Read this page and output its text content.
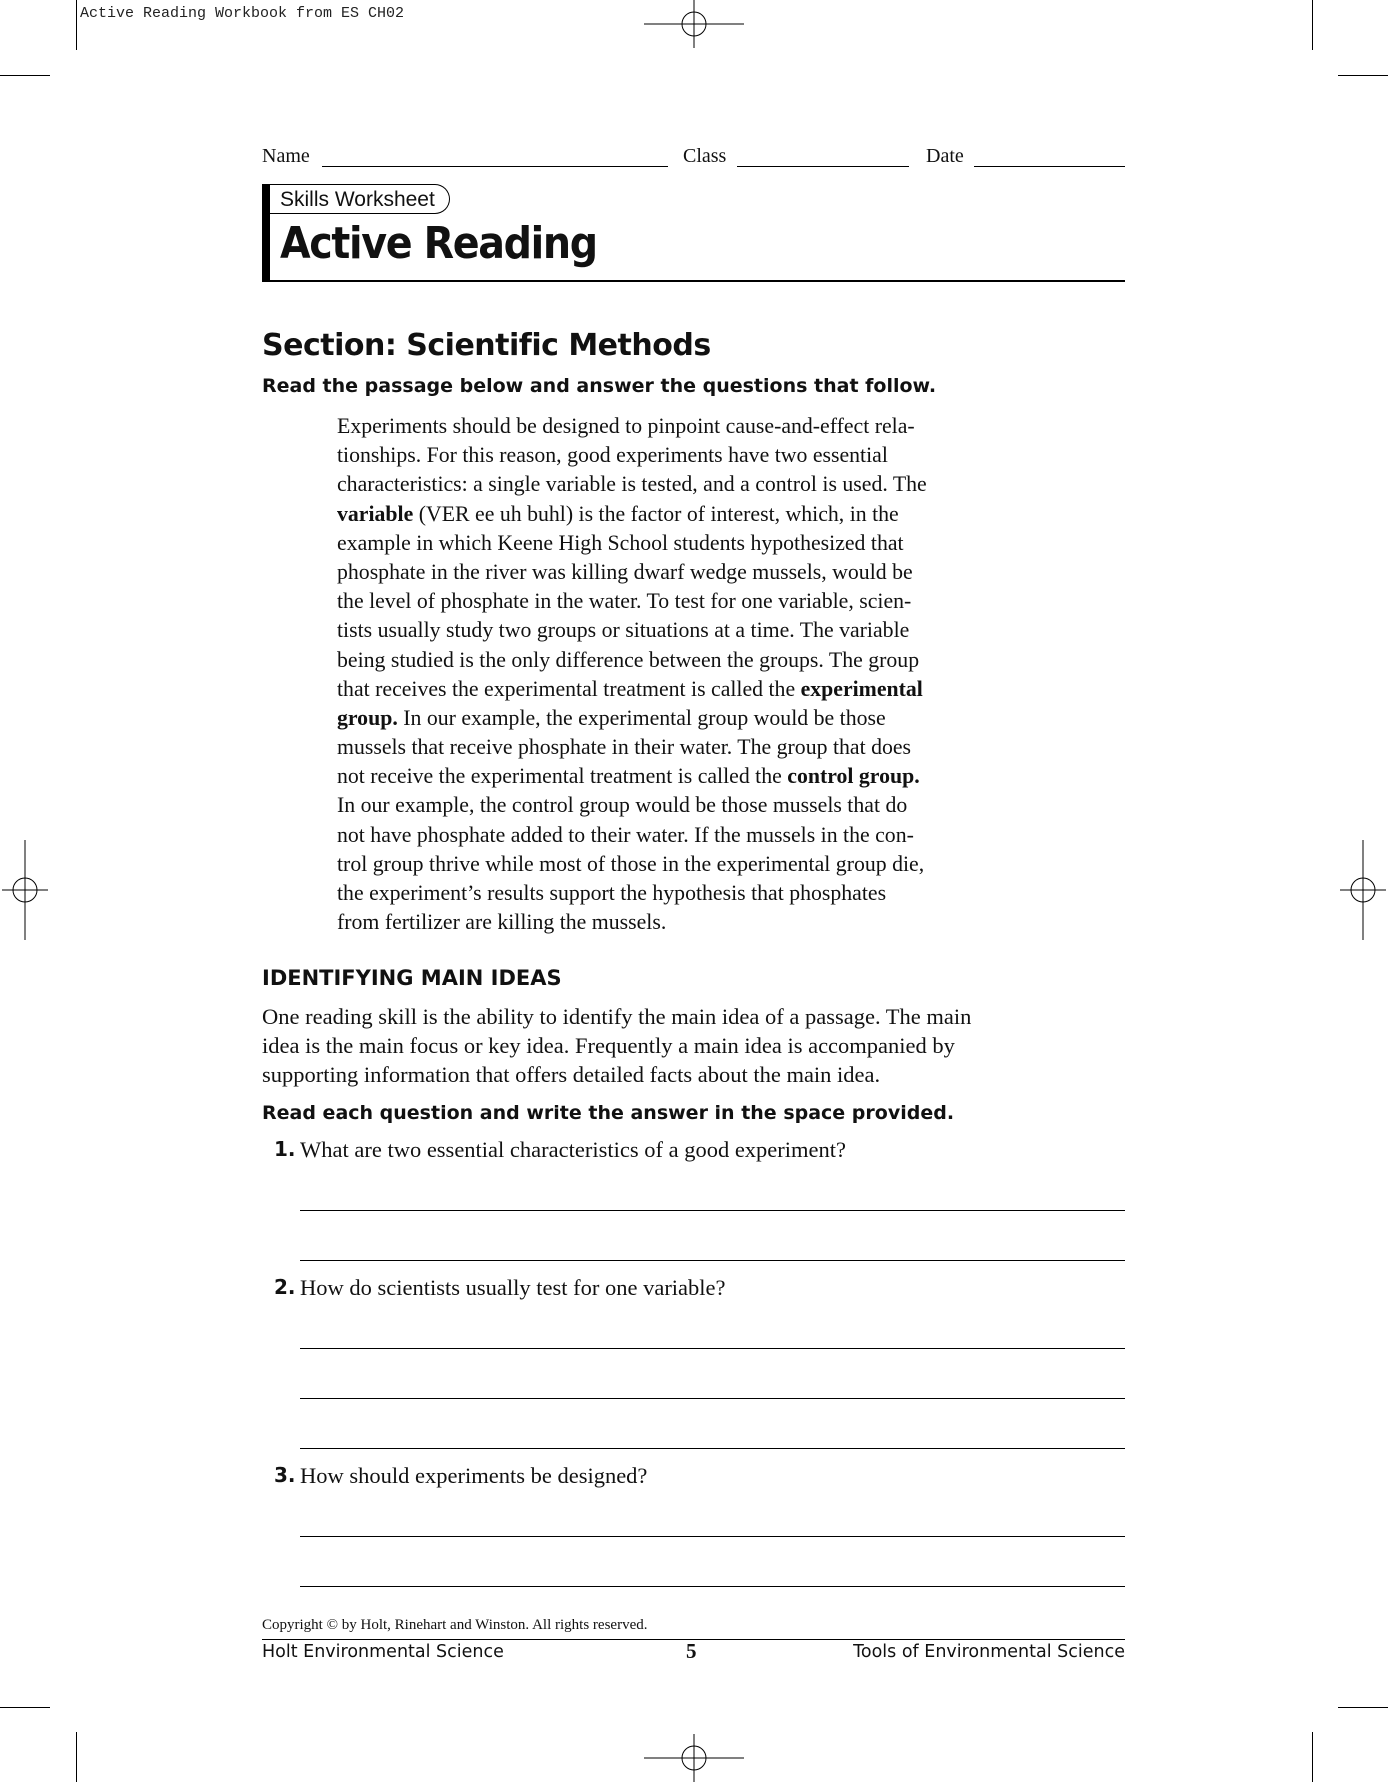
Active Reading Workbook from ES CH02
Name	Class	Date
Skills Worksheet
Active Reading
Section: Scientific Methods
Read the passage below and answer the questions that follow.
Experiments should be designed to pinpoint cause-and-effect rela-
tionships. For this reason, good experiments have two essential
characteristics: a single variable is tested, and a control is used. The
variable (VER ee uh buhl) is the factor of interest, which, in the
example in which Keene High School students hypothesized that
phosphate in the river was killing dwarf wedge mussels, would be
the level of phosphate in the water. To test for one variable, scien-
tists usually study two groups or situations at a time. The variable
being studied is the only difference between the groups. The group
that receives the experimental treatment is called the experimental
group. In our example, the experimental group would be those
mussels that receive phosphate in their water. The group that does
not receive the experimental treatment is called the control group.
In our example, the control group would be those mussels that do
not have phosphate added to their water. If the mussels in the con-
trol group thrive while most of those in the experimental group die,
the experiment’s results support the hypothesis that phosphates
from fertilizer are killing the mussels.
IDENTIFYING MAIN IDEAS
One reading skill is the ability to identify the main idea of a passage. The main
idea is the main focus or key idea. Frequently a main idea is accompanied by
supporting information that offers detailed facts about the main idea.
Read each question and write the answer in the space provided.
1. What are two essential characteristics of a good experiment?
2. How do scientists usually test for one variable?
3. How should experiments be designed?
Copyright © by Holt, Rinehart and Winston. All rights reserved.
Holt Environmental Science	5	Tools of Environmental Science
